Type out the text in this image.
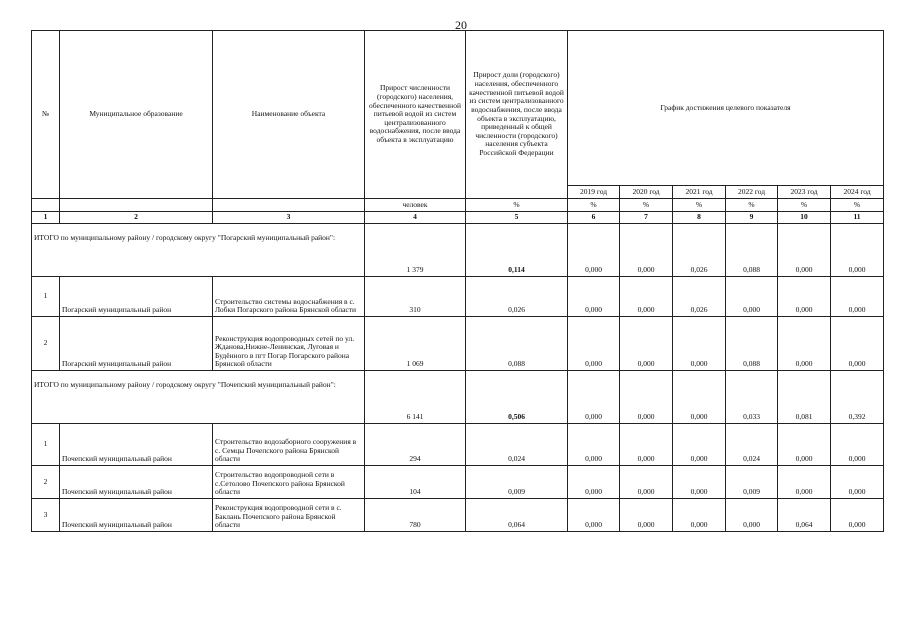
20
№	Муниципальное образование	Наименование объекта	Прирост численности (городского) населения, обеспеченного качественной питьевой водой из систем централизованного водоснабжения, после ввода объекта в эксплуатацию	Прирост доли (городского) населения, обеспеченного качественной питьевой водой из систем централизованного водоснабжения, после ввода объекта в эксплуатацию, приведенный к общей численности (городского) населения субъекта Российской Федерации	График достижения целевого показателя					
					2019 год	2020 год	2021 год	2022 год	2023 год	2024 год
			человек	%	%	%	%	%	%	%
1	2	3	4	5	6	7	8	9	10	11
ИТОГО по муниципальному району / городскому округу "Погарский муниципальный район":			1 379	0,114	0,000	0,000	0,026	0,088	0,000	0,000
1	Погарский муниципальный район	Строительство системы водоснабжения в с. Лобки Погарского района Брянской области	310	0,026	0,000	0,000	0,026	0,000	0,000	0,000
2	Погарский муниципальный район	Реконструкция водопроводных сетей по ул. Жданова,Нижне-Ленинская, Луговая и Будённого в пгт Погар Погарского района Брянской области	1 069	0,088	0,000	0,000	0,000	0,088	0,000	0,000
ИТОГО по муниципальному району / городскому округу "Почепский муниципальный район":			6 141	0,506	0,000	0,000	0,000	0,033	0,081	0,392
1	Почепский муниципальный район	Строительство водозаборного сооружения в с. Семцы Почепского района Брянской области	294	0,024	0,000	0,000	0,000	0,024	0,000	0,000
2	Почепский муниципальный район	Строительство водопроводной сети в с.Сетолово Почепского района Брянской области	104	0,009	0,000	0,000	0,000	0,009	0,000	0,000
3	Почепский муниципальный район	Реконструкция водопроводной сети в с. Баклань Почепского района Брянской области	780	0,064	0,000	0,000	0,000	0,000	0,064	0,000
